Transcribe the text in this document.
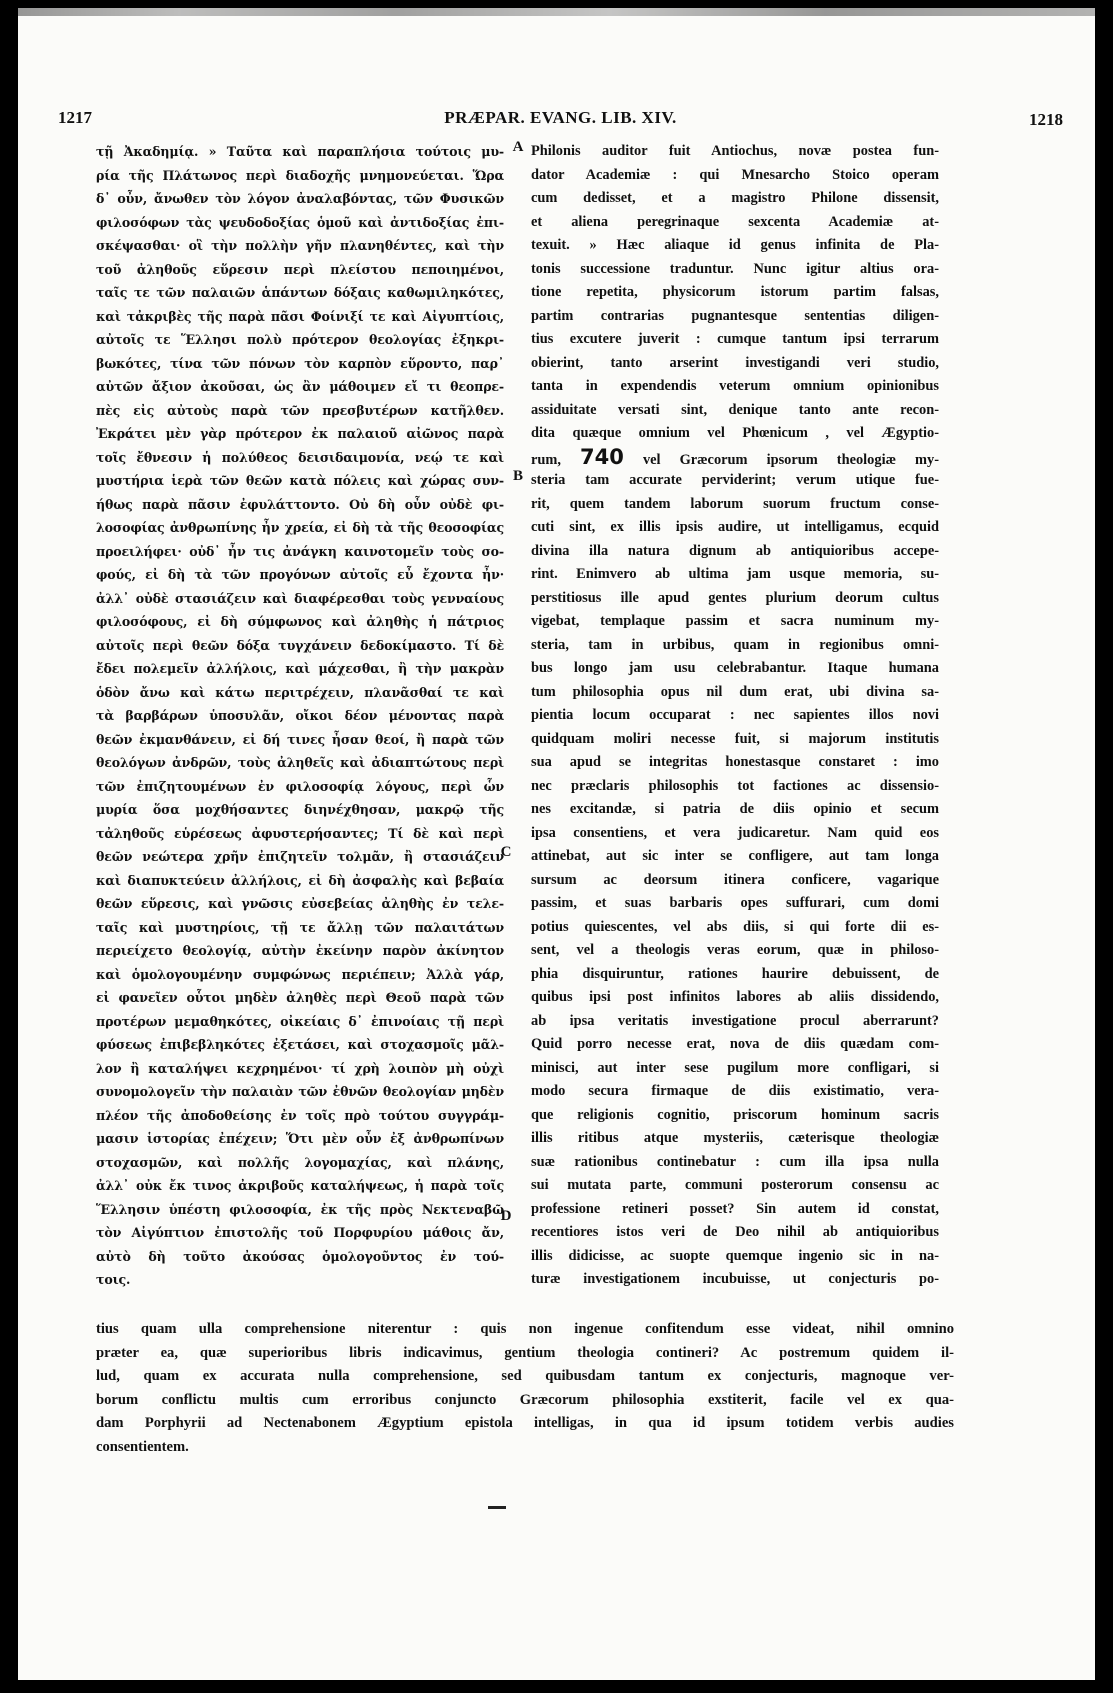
1217	PRÆPAR. EVANG. LIB. XIV.	1218
τῇ Ἀκαδημίᾳ. » Ταῦτα καὶ παραπλήσια τούτοις μυ-
ρία τῆς Πλάτωνος περὶ διαδοχῆς μνημονεύεται. Ὥρα
δ᾽ οὖν, ἄνωθεν τὸν λόγον ἀναλαβόντας, τῶν Φυσικῶν
φιλοσόφων τὰς ψευδοδοξίας ὁμοῦ καὶ ἀντιδοξίας ἐπι-
σκέψασθαι· οἳ τὴν πολλὴν γῆν πλανηθέντες, καὶ τὴν
τοῦ ἀληθοῦς εὕρεσιν περὶ πλείστου πεποιημένοι,
ταῖς τε τῶν παλαιῶν ἁπάντων δόξαις καθωμιληκότες,
καὶ τἀκριβὲς τῆς παρὰ πᾶσι Φοίνιξί τε καὶ Αἰγυπτίοις,
αὐτοῖς τε Ἕλλησι πολὺ πρότερον θεολογίας ἐξηκρι-
βωκότες, τίνα τῶν πόνων τὸν καρπὸν εὕροντο, παρ᾽
αὐτῶν ἄξιον ἀκοῦσαι, ὡς ἂν μάθοιμεν εἴ τι θεοπρε-
πὲς εἰς αὐτοὺς παρὰ τῶν πρεσβυτέρων κατῆλθεν.
Ἐκράτει μὲν γὰρ πρότερον ἐκ παλαιοῦ αἰῶνος παρὰ
τοῖς ἔθνεσιν ἡ πολύθεος δεισιδαιμονία, νεῴ τε καὶ
μυστήρια ἱερὰ τῶν θεῶν κατὰ πόλεις καὶ χώρας συν-
ήθως παρὰ πᾶσιν ἐφυλάττοντο. Οὐ δὴ οὖν οὐδὲ φι-
λοσοφίας ἀνθρωπίνης ἦν χρεία, εἰ δὴ τὰ τῆς θεοσοφίας
προειλήφει· οὐδ᾽ ἦν τις ἀνάγκη καινοτομεῖν τοὺς σο-
φούς, εἰ δὴ τὰ τῶν προγόνων αὐτοῖς εὖ ἔχοντα ἦν·
ἀλλ᾽ οὐδὲ στασιάζειν καὶ διαφέρεσθαι τοὺς γενναίους
φιλοσόφους, εἰ δὴ σύμφωνος καὶ ἀληθὴς ἡ πάτριος
αὐτοῖς περὶ θεῶν δόξα τυγχάνειν δεδοκίμαστο. Τί δὲ
ἔδει πολεμεῖν ἀλλήλοις, καὶ μάχεσθαι, ἢ τὴν μακρὰν
ὁδὸν ἄνω καὶ κάτω περιτρέχειν, πλανᾶσθαί τε καὶ
τὰ βαρβάρων ὑποσυλᾶν, οἴκοι δέον μένοντας παρὰ
θεῶν ἐκμανθάνειν, εἰ δή τινες ἦσαν θεοί, ἢ παρὰ τῶν
θεολόγων ἀνδρῶν, τοὺς ἀληθεῖς καὶ ἀδιαπτώτους περὶ
τῶν ἐπιζητουμένων ἐν φιλοσοφίᾳ λόγους, περὶ ὧν
μυρία ὅσα μοχθήσαντες διηνέχθησαν, μακρῷ τῆς
τἀληθοῦς εὑρέσεως ἀφυστερήσαντες; Τί δὲ καὶ περὶ
θεῶν νεώτερα χρῆν ἐπιζητεῖν τολμᾶν, ἢ στασιάζειν
καὶ διαπυκτεύειν ἀλλήλοις, εἰ δὴ ἀσφαλὴς καὶ βεβαία
θεῶν εὕρεσις, καὶ γνῶσις εὐσεβείας ἀληθὴς ἐν τελε-
ταῖς καὶ μυστηρίοις, τῇ τε ἄλλῃ τῶν παλαιτάτων
περιείχετο θεολογίᾳ, αὐτὴν ἐκείνην παρὸν ἀκίνητον
καὶ ὁμολογουμένην συμφώνως περιέπειν; Ἀλλὰ γάρ,
εἰ φανεῖεν οὗτοι μηδὲν ἀληθὲς περὶ Θεοῦ παρὰ τῶν
προτέρων μεμαθηκότες, οἰκείαις δ᾽ ἐπινοίαις τῇ περὶ
φύσεως ἐπιβεβληκότες ἐξετάσει, καὶ στοχασμοῖς μᾶλ-
λον ἢ καταλήψει κεχρημένοι· τί χρὴ λοιπὸν μὴ οὐχὶ
συνομολογεῖν τὴν παλαιὰν τῶν ἐθνῶν θεολογίαν μηδὲν
πλέον τῆς ἀποδοθείσης ἐν τοῖς πρὸ τούτου συγγράμ-
μασιν ἱστορίας ἐπέχειν; Ὅτι μὲν οὖν ἐξ ἀνθρωπίνων
στοχασμῶν, καὶ πολλῆς λογομαχίας, καὶ πλάνης,
ἀλλ᾽ οὐκ ἔκ τινος ἀκριβοῦς καταλήψεως, ἡ παρὰ τοῖς
Ἕλλησιν ὑπέστη φιλοσοφία, ἐκ τῆς πρὸς Νεκτεναβῶ
τὸν Αἰγύπτιον ἐπιστολῆς τοῦ Πορφυρίου μάθοις ἄν,
αὐτὸ δὴ τοῦτο ἀκούσας ὁμολογοῦντος ἐν τού-
τοις.
Philonis auditor fuit Antiochus, novæ postea fun-
dator Academiæ : qui Mnesarcho Stoico operam
cum dedisset, et a magistro Philone dissensit,
et aliena peregrinaque sexcenta Academiæ at-
texuit. » Hæc aliaque id genus infinita de Pla-
tonis successione traduntur. Nunc igitur altius ora-
tione repetita, physicorum istorum partim falsas,
partim contrarias pugnantesque sententias diligen-
tius excutere juverit : cumque tantum ipsi terrarum
obierint, tanto arserint investigandi veri studio,
tanta in expendendis veterum omnium opinionibus
assiduitate versati sint, denique tanto ante recon-
dita quæque omnium vel Phœnicum , vel Ægyptio-
rum, 740 vel Græcorum ipsorum theologiæ my-
steria tam accurate perviderint; verum utique fue-
rit, quem tandem laborum suorum fructum conse-
cuti sint, ex illis ipsis audire, ut intelligamus, ecquid
divina illa natura dignum ab antiquioribus accepe-
rint. Enimvero ab ultima jam usque memoria, su-
perstitiosus ille apud gentes plurium deorum cultus
vigebat, templaque passim et sacra numinum my-
steria, tam in urbibus, quam in regionibus omni-
bus longo jam usu celebrabantur. Itaque humana
tum philosophia opus nil dum erat, ubi divina sa-
pientia locum occuparat : nec sapientes illos novi
quidquam moliri necesse fuit, si majorum institutis
sua apud se integritas honestasque constaret : imo
nec præclaris philosophis tot factiones ac dissensio-
nes excitandæ, si patria de diis opinio et secum
ipsa consentiens, et vera judicaretur. Nam quid eos
attinebat, aut sic inter se confligere, aut tam longa
sursum ac deorsum itinera conficere, vagarique
passim, et suas barbaris opes suffurari, cum domi
potius quiescentes, vel abs diis, si qui forte dii es-
sent, vel a theologis veras eorum, quæ in philoso-
phia disquiruntur, rationes haurire debuissent, de
quibus ipsi post infinitos labores ab aliis dissidendo,
ab ipsa veritatis investigatione procul aberrarunt?
Quid porro necesse erat, nova de diis quædam com-
minisci, aut inter sese pugilum more confligari, si
modo secura firmaque de diis existimatio, vera-
que religionis cognitio, priscorum hominum sacris
illis ritibus atque mysteriis, cæterisque theologiæ
suæ rationibus continebatur : cum illa ipsa nulla
sui mutata parte, communi posterorum consensu ac
professione retineri posset? Sin autem id constat,
recentiores istos veri de Deo nihil ab antiquioribus
illis didicisse, ac suopte quemque ingenio sic in na-
turæ investigationem incubuisse, ut conjecturis po-
A
B
C
D
tius quam ulla comprehensione niterentur : quis non ingenue confitendum esse videat, nihil omnino
præter ea, quæ superioribus libris indicavimus, gentium theologia contineri? Ac postremum quidem il-
lud, quam ex accurata nulla comprehensione, sed quibusdam tantum ex conjecturis, magnoque ver-
borum conflictu multis cum erroribus conjuncto Græcorum philosophia exstiterit, facile vel ex qua-
dam Porphyrii ad Nectenabonem Ægyptium epistola intelligas, in qua id ipsum totidem verbis audies
consentientem.
